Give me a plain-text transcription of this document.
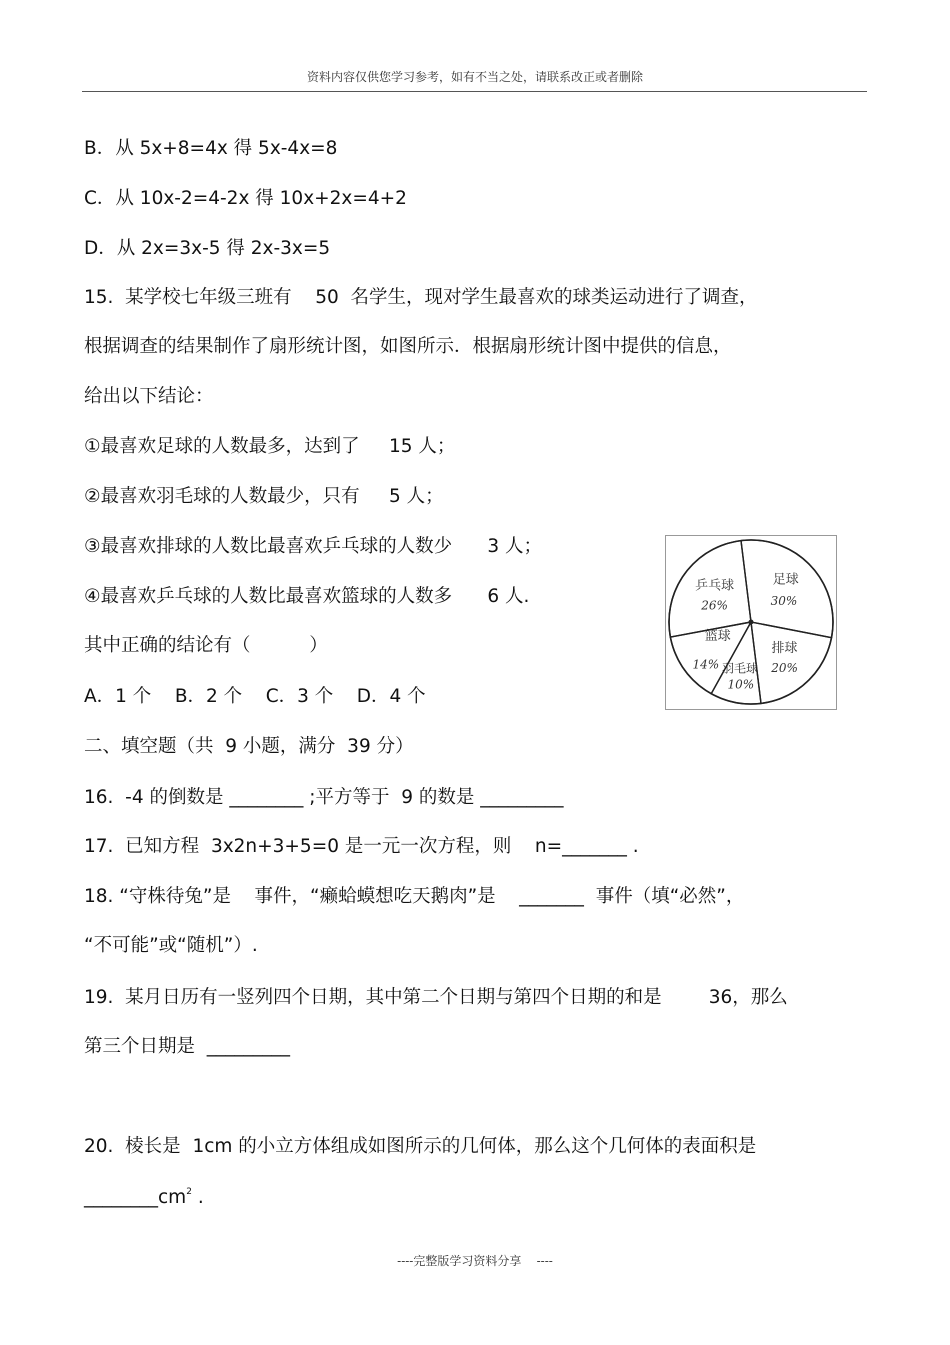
资料内容仅供您学习参考，如有不当之处，请联系改正或者删除
B．从 5x+8=4x 得 5x-4x=8
C．从 10x-2=4-2x 得 10x+2x=4+2
D．从 2x=3x-5 得 2x-3x=5
15.  某学校七年级三班有    50  名学生，现对学生最喜欢的球类运动进行了调查，
根据调查的结果制作了扇形统计图，如图所示．根据扇形统计图中提供的信息，
给出以下结论：
①最喜欢足球的人数最多，达到了     15 人；
②最喜欢羽毛球的人数最少，只有     5 人；
③最喜欢排球的人数比最喜欢乒乓球的人数少      3 人；
④最喜欢乒乓球的人数比最喜欢篮球的人数多      6 人.
其中正确的结论有（          ）
A．1 个    B．2 个    C．3 个    D．4 个
二、填空题（共  9 小题，满分  39 分）
16.  -4 的倒数是 ________ ;平方等于  9 的数是 _________
17.  已知方程  3x2n+3+5=0 是一元一次方程，则    n=_______ .
18. “守株待兔”是    事件，“癞蛤蟆想吃天鹅肉”是    _______  事件（填“必然”，
“不可能”或“随机”）.
19.  某月日历有一竖列四个日期，其中第二个日期与第四个日期的和是        36，那么
第三个日期是  _________
20.  棱长是  1cm 的小立方体组成如图所示的几何体，那么这个几何体的表面积是
$\_\_\_\_\_\_\_\_cm^2$ .
足球
30%
排球
20%
羽毛球
10%
篮球
14%
乒乓球
26%
----完整版学习资料分享    ----
